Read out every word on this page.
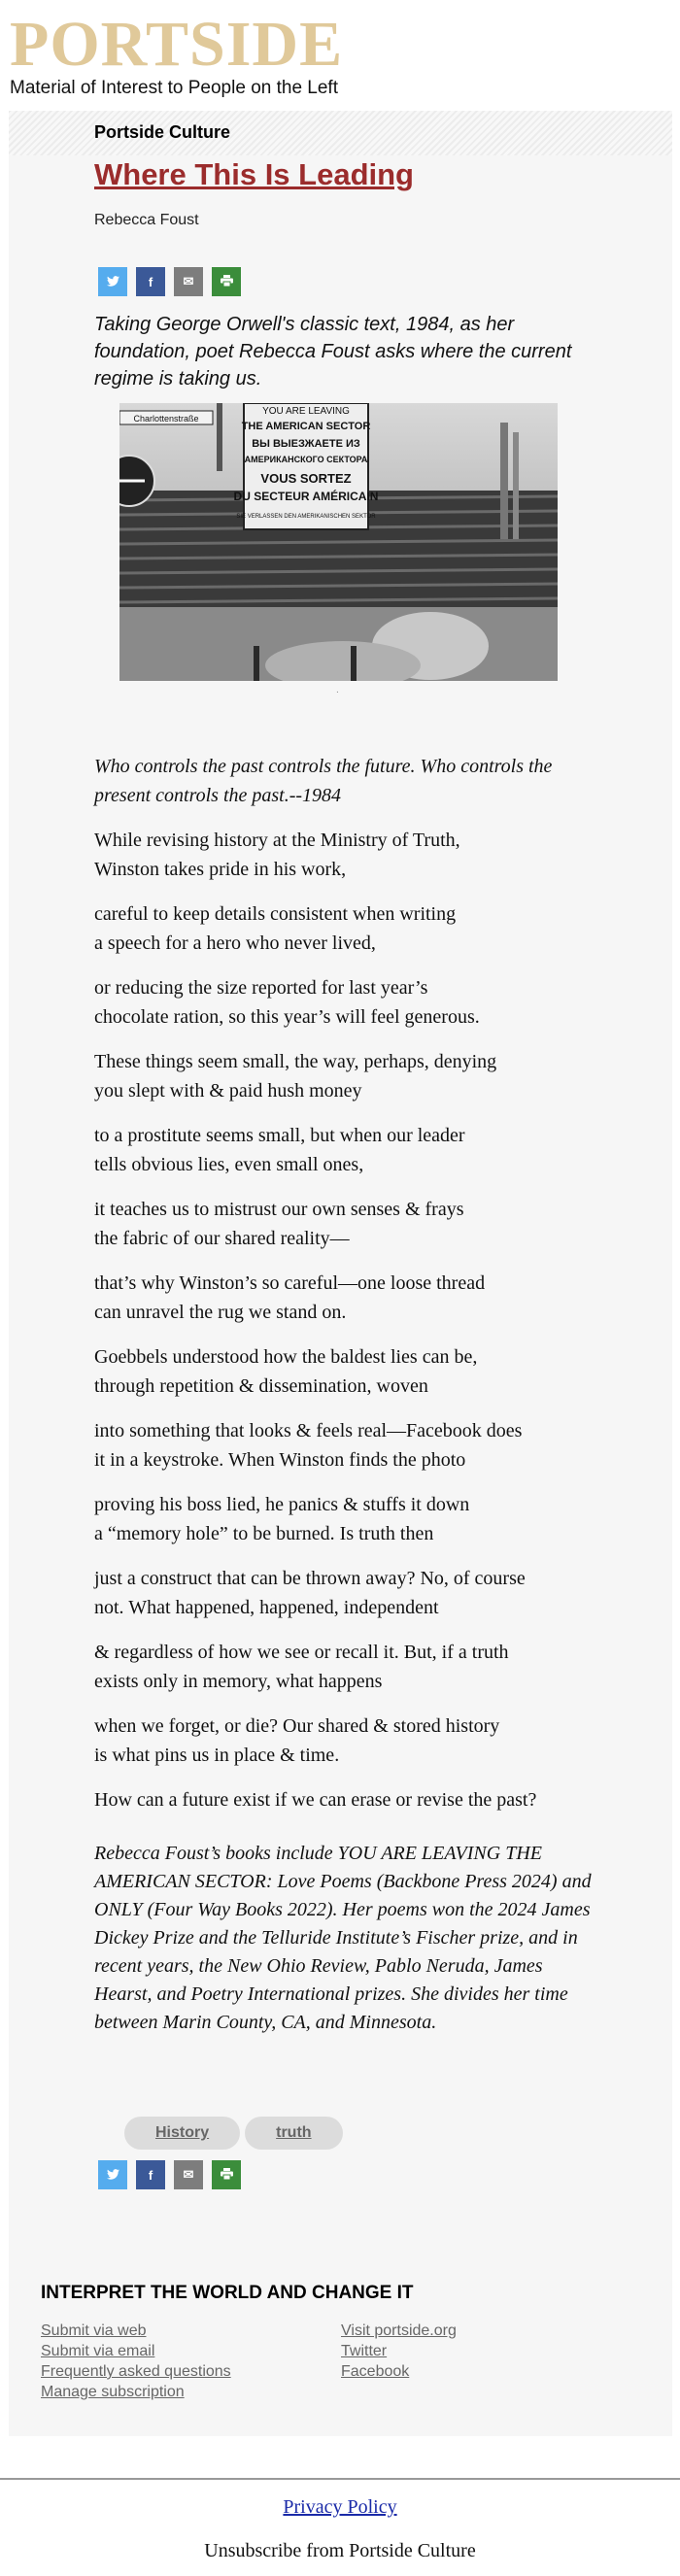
PORTSIDE
Material of Interest to People on the Left
Portside Culture
Where This Is Leading
Rebecca Foust
f ✉
Taking George Orwell's classic text, 1984, as her foundation, poet Rebecca Foust asks where the current regime is taking us.
YOU ARE LEAVING
THE AMERICAN SECTOR
ВЫ ВЫЕЗЖАЕТЕ ИЗ
АМЕРИКАНСКОГО СЕКТОРА
VOUS SORTEZ
DU SECTEUR AMÉRICAIN
SIE VERLASSEN DEN AMERIKANISCHEN SEKTOR
Charlottenstraße
.

Who controls the past controls the future. Who controls the present controls the past.--1984

While revising history at the Ministry of Truth,
Winston takes pride in his work,

careful to keep details consistent when writing
a speech for a hero who never lived,

or reducing the size reported for last year’s
chocolate ration, so this year’s will feel generous.

These things seem small, the way, perhaps, denying
you slept with & paid hush money

to a prostitute seems small, but when our leader
tells obvious lies, even small ones,

it teaches us to mistrust our own senses & frays
the fabric of our shared reality—

that’s why Winston’s so careful—one loose thread
can unravel the rug we stand on.

Goebbels understood how the baldest lies can be,
through repetition & dissemination, woven

into something that looks & feels real—Facebook does
it in a keystroke. When Winston finds the photo

proving his boss lied, he panics & stuffs it down
a “memory hole” to be burned. Is truth then

just a construct that can be thrown away? No, of course
not. What happened, happened, independent

& regardless of how we see or recall it. But, if a truth
exists only in memory, what happens

when we forget, or die? Our shared & stored history
is what pins us in place & time.

How can a future exist if we can erase or revise the past?

Rebecca Foust’s books include YOU ARE LEAVING THE AMERICAN SECTOR: Love Poems (Backbone Press 2024) and ONLY (Four Way Books 2022). Her poems won the 2024 James Dickey Prize and the Telluride Institute’s Fischer prize, and in recent years, the New Ohio Review, Pablo Neruda, James Hearst, and Poetry International prizes. She divides her time between Marin County, CA, and Minnesota.
History	truth
f ✉
INTERPRET THE WORLD AND CHANGE IT
Submit via web
Submit via email
Frequently asked questions
Manage subscription
Visit portside.org
Twitter
Facebook
Privacy Policy
Unsubscribe from Portside Culture
